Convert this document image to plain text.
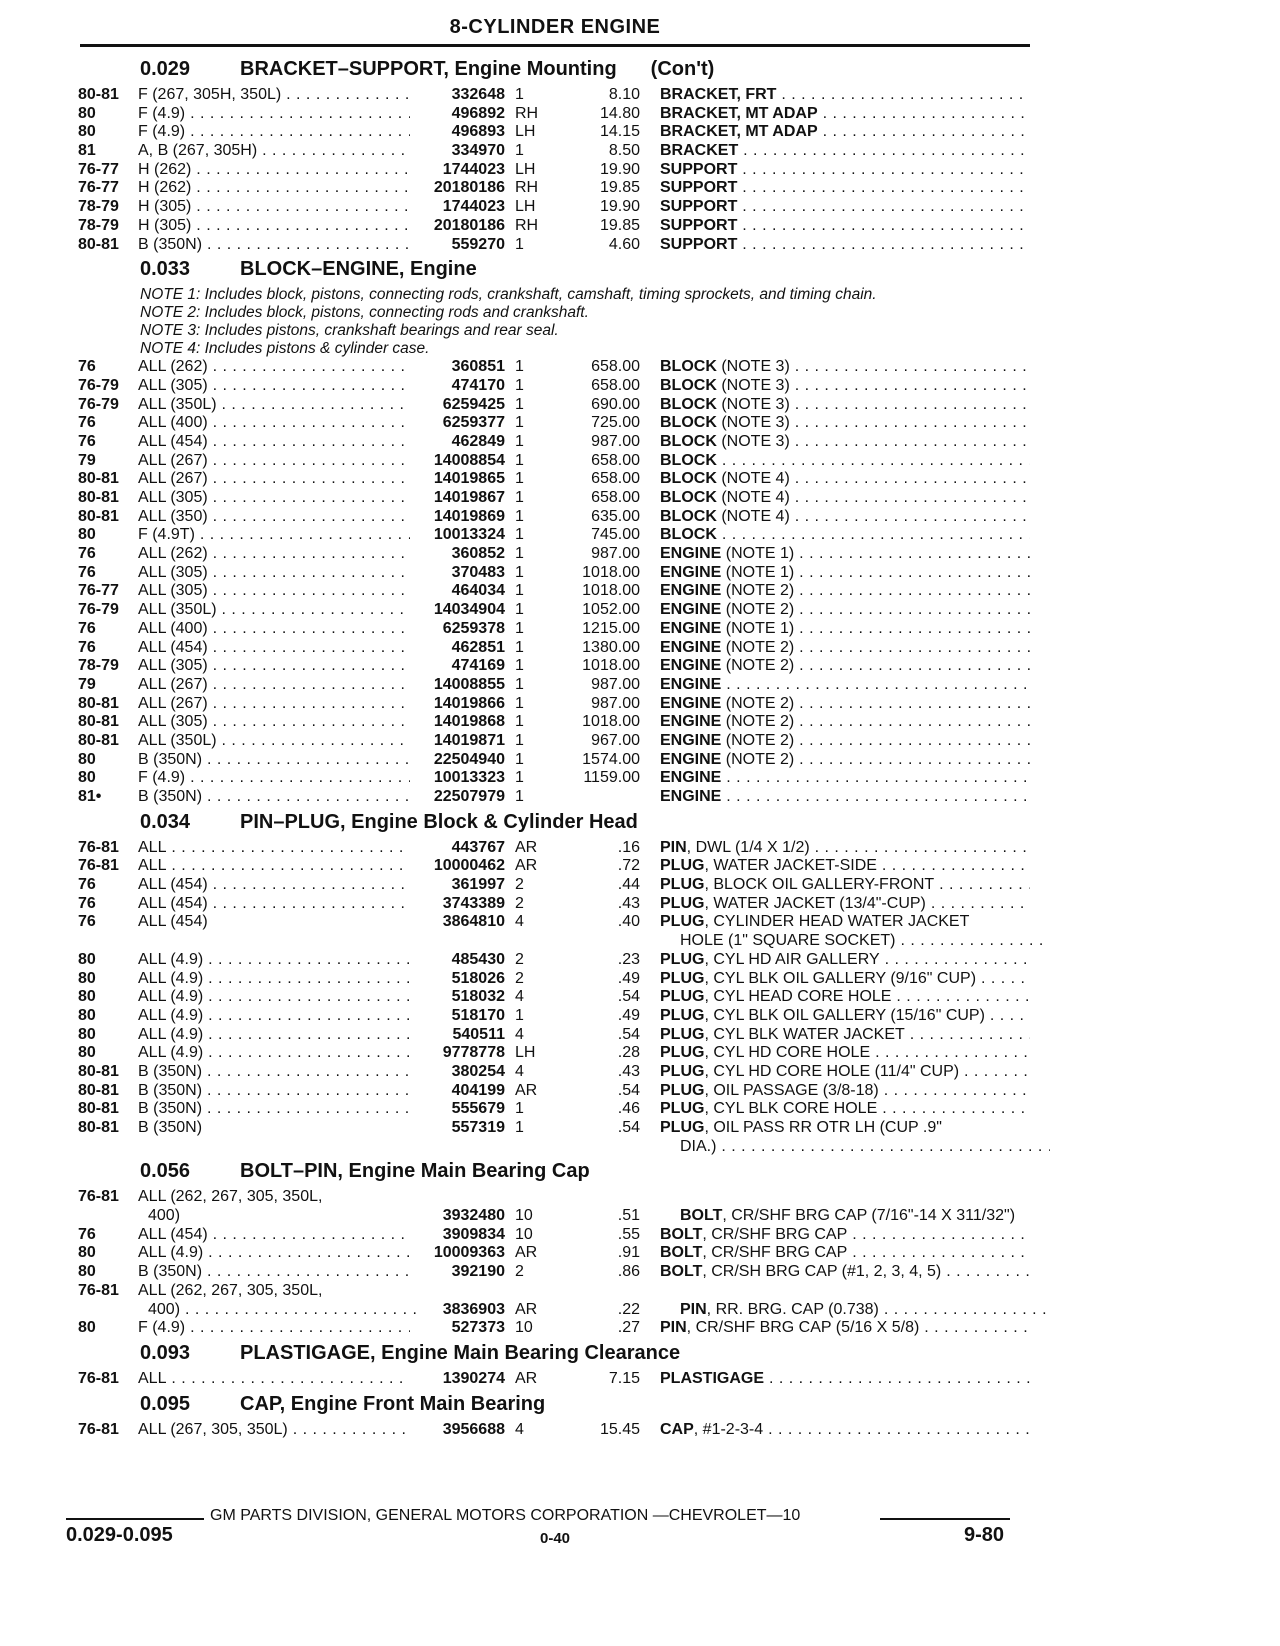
8-CYLINDER ENGINE
0.029 BRACKET–SUPPORT, Engine Mounting (Con't)
80-81 F (267, 305H, 350L) . . .	332648 1	8.10 BRACKET, FRT . . .
80	F (4.9) . . .	496892 RH	14.80 BRACKET, MT ADAP . . .
80	F (4.9) . . .	496893 LH	14.15 BRACKET, MT ADAP . . .
81	A, B (267, 305H) . . .	334970 1	8.50 BRACKET . . .
76-77 H (262) . . .	1744023 LH	19.90 SUPPORT . . .
76-77 H (262) . . .	20180186 RH	19.85 SUPPORT . . .
78-79 H (305) . . .	1744023 LH	19.90 SUPPORT . . .
78-79 H (305) . . .	20180186 RH	19.85 SUPPORT . . .
80-81 B (350N) . . .	559270 1	4.60 SUPPORT . . .
0.033 BLOCK–ENGINE, Engine
NOTE 1: Includes block, pistons, connecting rods, crankshaft, camshaft, timing sprockets, and timing chain.
NOTE 2: Includes block, pistons, connecting rods and crankshaft.
NOTE 3: Includes pistons, crankshaft bearings and rear seal.
NOTE 4: Includes pistons & cylinder case.
76	ALL (262) . . .	360851 1	658.00 BLOCK (NOTE 3) . . .
76-79 ALL (305) . . .	474170 1	658.00 BLOCK (NOTE 3) . . .
76-79 ALL (350L) . . .	6259425 1	690.00 BLOCK (NOTE 3) . . .
76	ALL (400) . . .	6259377 1	725.00 BLOCK (NOTE 3) . . .
76	ALL (454) . . .	462849 1	987.00 BLOCK (NOTE 3) . . .
79	ALL (267) . . .	14008854 1	658.00 BLOCK . . .
80-81 ALL (267) . . .	14019865 1	658.00 BLOCK (NOTE 4) . . .
80-81 ALL (305) . . .	14019867 1	658.00 BLOCK (NOTE 4) . . .
80-81 ALL (350) . . .	14019869 1	635.00 BLOCK (NOTE 4) . . .
80	F (4.9T) . . .	10013324 1	745.00 BLOCK . . .
76	ALL (262) . . .	360852 1	987.00 ENGINE (NOTE 1) . . .
76	ALL (305) . . .	370483 1	1018.00 ENGINE (NOTE 1) . . .
76-77 ALL (305) . . .	464034 1	1018.00 ENGINE (NOTE 2) . . .
76-79 ALL (350L) . . .	14034904 1	1052.00 ENGINE (NOTE 2) . . .
76	ALL (400) . . .	6259378 1	1215.00 ENGINE (NOTE 1) . . .
76	ALL (454) . . .	462851 1	1380.00 ENGINE (NOTE 2) . . .
78-79 ALL (305) . . .	474169 1	1018.00 ENGINE (NOTE 2) . . .
79	ALL (267) . . .	14008855 1	987.00 ENGINE . . .
80-81 ALL (267) . . .	14019866 1	987.00 ENGINE (NOTE 2) . . .
80-81 ALL (305) . . .	14019868 1	1018.00 ENGINE (NOTE 2) . . .
80-81 ALL (350L) . . .	14019871 1	967.00 ENGINE (NOTE 2) . . .
80	B (350N) . . .	22504940 1	1574.00 ENGINE (NOTE 2) . . .
80	F (4.9) . . .	10013323 1	1159.00 ENGINE . . .
81• B (350N) . . .	22507979 1	ENGINE . . .
0.034 PIN–PLUG, Engine Block & Cylinder Head
76-81 ALL . . .	443767 AR	.16 PIN, DWL (1/4 X 1/2) . . .
76-81 ALL . . .	10000462 AR	.72 PLUG, WATER JACKET-SIDE . . .
76	ALL (454) . . .	361997 2	.44 PLUG, BLOCK OIL GALLERY-FRONT . . .
76	ALL (454) . . .	3743389 2	.43 PLUG, WATER JACKET (13/4"-CUP) . . .
76	ALL (454)	3864810 4	.40 PLUG, CYLINDER HEAD WATER JACKET
HOLE (1" SQUARE SOCKET) . . .
80	ALL (4.9) . . .	485430 2	.23 PLUG, CYL HD AIR GALLERY . . .
80	ALL (4.9) . . .	518026 2	.49 PLUG, CYL BLK OIL GALLERY (9/16" CUP) . . .
80	ALL (4.9) . . .	518032 4	.54 PLUG, CYL HEAD CORE HOLE . . .
80	ALL (4.9) . . .	518170 1	.49 PLUG, CYL BLK OIL GALLERY (15/16" CUP) . . .
80	ALL (4.9) . . .	540511 4	.54 PLUG, CYL BLK WATER JACKET . . .
80	ALL (4.9) . . .	9778778 LH	.28 PLUG, CYL HD CORE HOLE . . .
80-81 B (350N) . . .	380254 4	.43 PLUG, CYL HD CORE HOLE (11/4" CUP) . . .
80-81 B (350N) . . .	404199 AR	.54 PLUG, OIL PASSAGE (3/8-18) . . .
80-81 B (350N) . . .	555679 1	.46 PLUG, CYL BLK CORE HOLE . . .
80-81 B (350N)	557319 1	.54 PLUG, OIL PASS RR OTR LH (CUP .9"
DIA.) . . .
0.056 BOLT–PIN, Engine Main Bearing Cap
76-81 ALL (262, 267, 305, 350L,
400)	3932480 10	.51	BOLT, CR/SHF BRG CAP (7/16"-14 X 311/32")
76	ALL (454) . . .	3909834 10	.55 BOLT, CR/SHF BRG CAP . . .
80	ALL (4.9) . . .	10009363 AR	.91 BOLT, CR/SHF BRG CAP . . .
80	B (350N) . . .	392190 2	.86 BOLT, CR/SH BRG CAP (#1, 2, 3, 4, 5) . . .
76-81 ALL (262, 267, 305, 350L,
400) . . .	3836903 AR	.22	PIN, RR. BRG. CAP (0.738) . . .
80	F (4.9) . . .	527373 10	.27 PIN, CR/SHF BRG CAP (5/16 X 5/8) . . .
0.093 PLASTIGAGE, Engine Main Bearing Clearance
76-81 ALL . . .	1390274 AR	7.15 PLASTIGAGE . . .
0.095 CAP, Engine Front Main Bearing
76-81 ALL (267, 305, 350L) . . .	3956688 4	15.45 CAP, #1-2-3-4 . . .
GM PARTS DIVISION, GENERAL MOTORS CORPORATION —CHEVROLET—10
0.029-0.095	0-40	9-80
